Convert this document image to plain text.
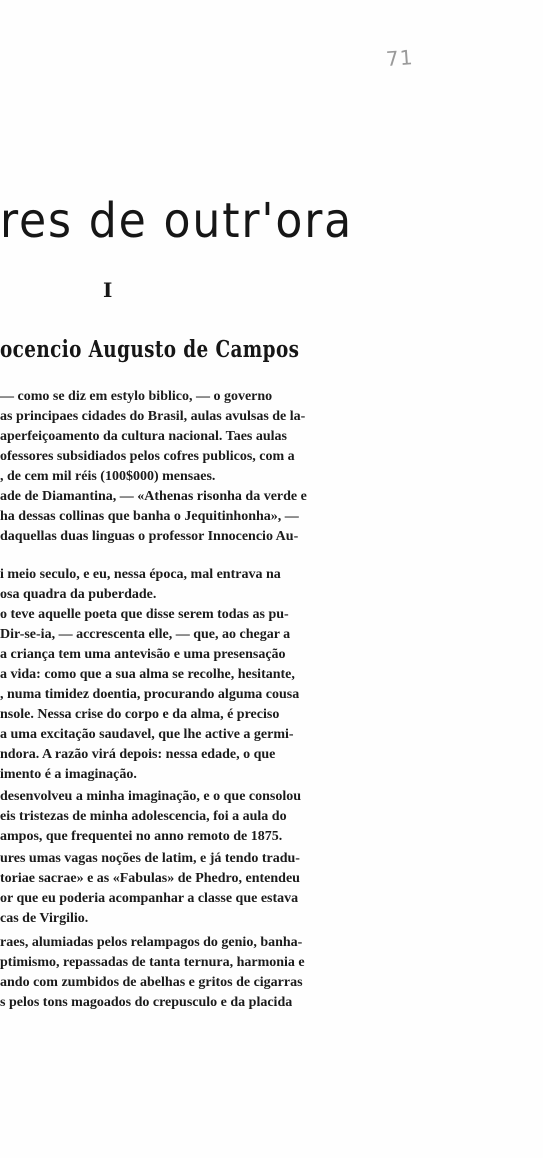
71
res de outr'ora
I
ocencio Augusto de Campos
— como se diz em estylo biblico, — o governo
as principaes cidades do Brasil, aulas avulsas de la-
aperfeiçoamento da cultura nacional. Taes aulas
ofessores subsidiados pelos cofres publicos, com a
, de cem mil réis (100$000) mensaes.
ade de Diamantina, — «Athenas risonha da verde e
ha dessas collinas que banha o Jequitinhonha», —
daquellas duas linguas o professor Innocencio Au-
i meio seculo, e eu, nessa época, mal entrava na
osa quadra da puberdade.
o teve aquelle poeta que disse serem todas as pu-
Dir-se-ia, — accrescenta elle, — que, ao chegar a
a criança tem uma antevisão e uma presensação
a vida: como que a sua alma se recolhe, hesitante,
, numa timidez doentia, procurando alguma cousa
nsole. Nessa crise do corpo e da alma, é preciso
a uma excitação saudavel, que lhe active a germi-
ndora. A razão virá depois: nessa edade, o que
imento é a imaginação.
desenvolveu a minha imaginação, e o que consolou
eis tristezas de minha adolescencia, foi a aula do
ampos, que frequentei no anno remoto de 1875.
ures umas vagas noções de latim, e já tendo tradu-
toriae sacrae» e as «Fabulas» de Phedro, entendeu
or que eu poderia acompanhar a classe que estava
cas de Virgilio.
raes, alumiadas pelos relampagos do genio, banha-
ptimismo, repassadas de tanta ternura, harmonia e
ando com zumbidos de abelhas e gritos de cigarras
s pelos tons magoados do crepusculo e da placida
